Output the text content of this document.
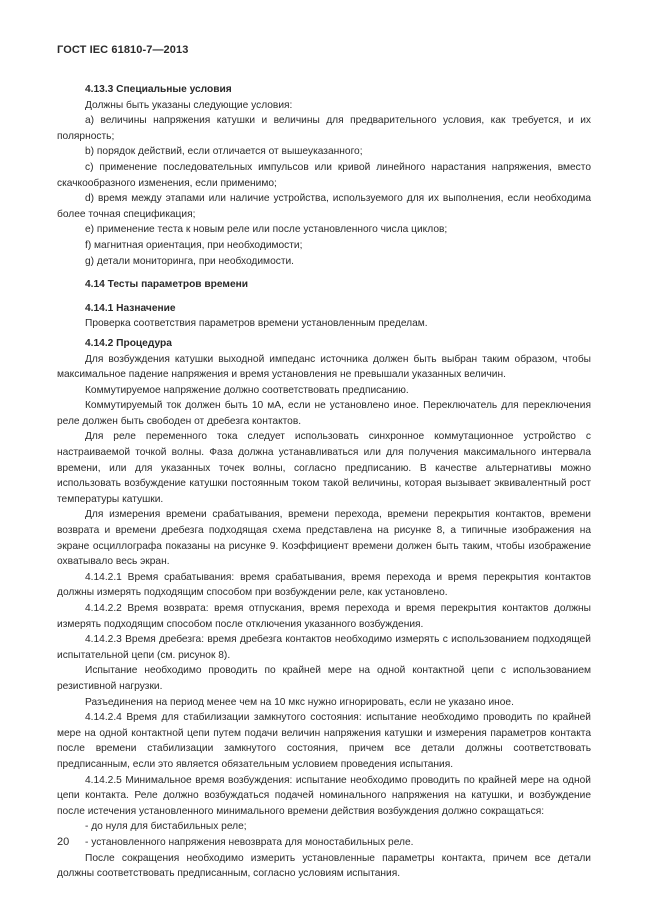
ГОСТ IEC 61810-7—2013

4.13.3 Специальные условия

Должны быть указаны следующие условия:

a) величины напряжения катушки и величины для предварительного условия, как требуется, и их полярность;

b) порядок действий, если отличается от вышеуказанного;

c) применение последовательных импульсов или кривой линейного нарастания напряжения, вместо скачкообразного изменения, если применимо;

d) время между этапами или наличие устройства, используемого для их выполнения, если необходима более точная спецификация;

e) применение теста к новым реле или после установленного числа циклов;

f) магнитная ориентация, при необходимости;

g) детали мониторинга, при необходимости.

4.14 Тесты параметров времени

4.14.1 Назначение

Проверка соответствия параметров времени установленным пределам.

4.14.2 Процедура

Для возбуждения катушки выходной импеданс источника должен быть выбран таким образом, чтобы максимальное падение напряжения и время установления не превышали указанных величин.

Коммутируемое напряжение должно соответствовать предписанию.

Коммутируемый ток должен быть 10 мА, если не установлено иное. Переключатель для переключения реле должен быть свободен от дребезга контактов.

Для реле переменного тока следует использовать синхронное коммутационное устройство с настраиваемой точкой волны. Фаза должна устанавливаться или для получения максимального интервала времени, или для указанных точек волны, согласно предписанию. В качестве альтернативы можно использовать возбуждение катушки постоянным током такой величины, которая вызывает эквивалентный рост температуры катушки.

Для измерения времени срабатывания, времени перехода, времени перекрытия контактов, времени возврата и времени дребезга подходящая схема представлена на рисунке 8, а типичные изображения на экране осциллографа показаны на рисунке 9. Коэффициент времени должен быть таким, чтобы изображение охватывало весь экран.

4.14.2.1 Время срабатывания: время срабатывания, время перехода и время перекрытия контактов должны измерять подходящим способом при возбуждении реле, как установлено.

4.14.2.2 Время возврата: время отпускания, время перехода и время перекрытия контактов должны измерять подходящим способом после отключения указанного возбуждения.

4.14.2.3 Время дребезга: время дребезга контактов необходимо измерять с использованием подходящей испытательной цепи (см. рисунок 8).

Испытание необходимо проводить по крайней мере на одной контактной цепи с использованием резистивной нагрузки.

Разъединения на период менее чем на 10 мкс нужно игнорировать, если не указано иное.

4.14.2.4 Время для стабилизации замкнутого состояния: испытание необходимо проводить по крайней мере на одной контактной цепи путем подачи величин напряжения катушки и измерения параметров контакта после времени стабилизации замкнутого состояния, причем все детали должны соответствовать предписанным, если это является обязательным условием проведения испытания.

4.14.2.5 Минимальное время возбуждения: испытание необходимо проводить по крайней мере на одной цепи контакта. Реле должно возбуждаться подачей номинального напряжения на катушки, и возбуждение после истечения установленного минимального времени действия возбуждения должно сокращаться:

- до нуля для бистабильных реле;

- установленного напряжения невозврата для моностабильных реле.

После сокращения необходимо измерить установленные параметры контакта, причем все детали должны соответствовать предписанным, согласно условиям испытания.

20
